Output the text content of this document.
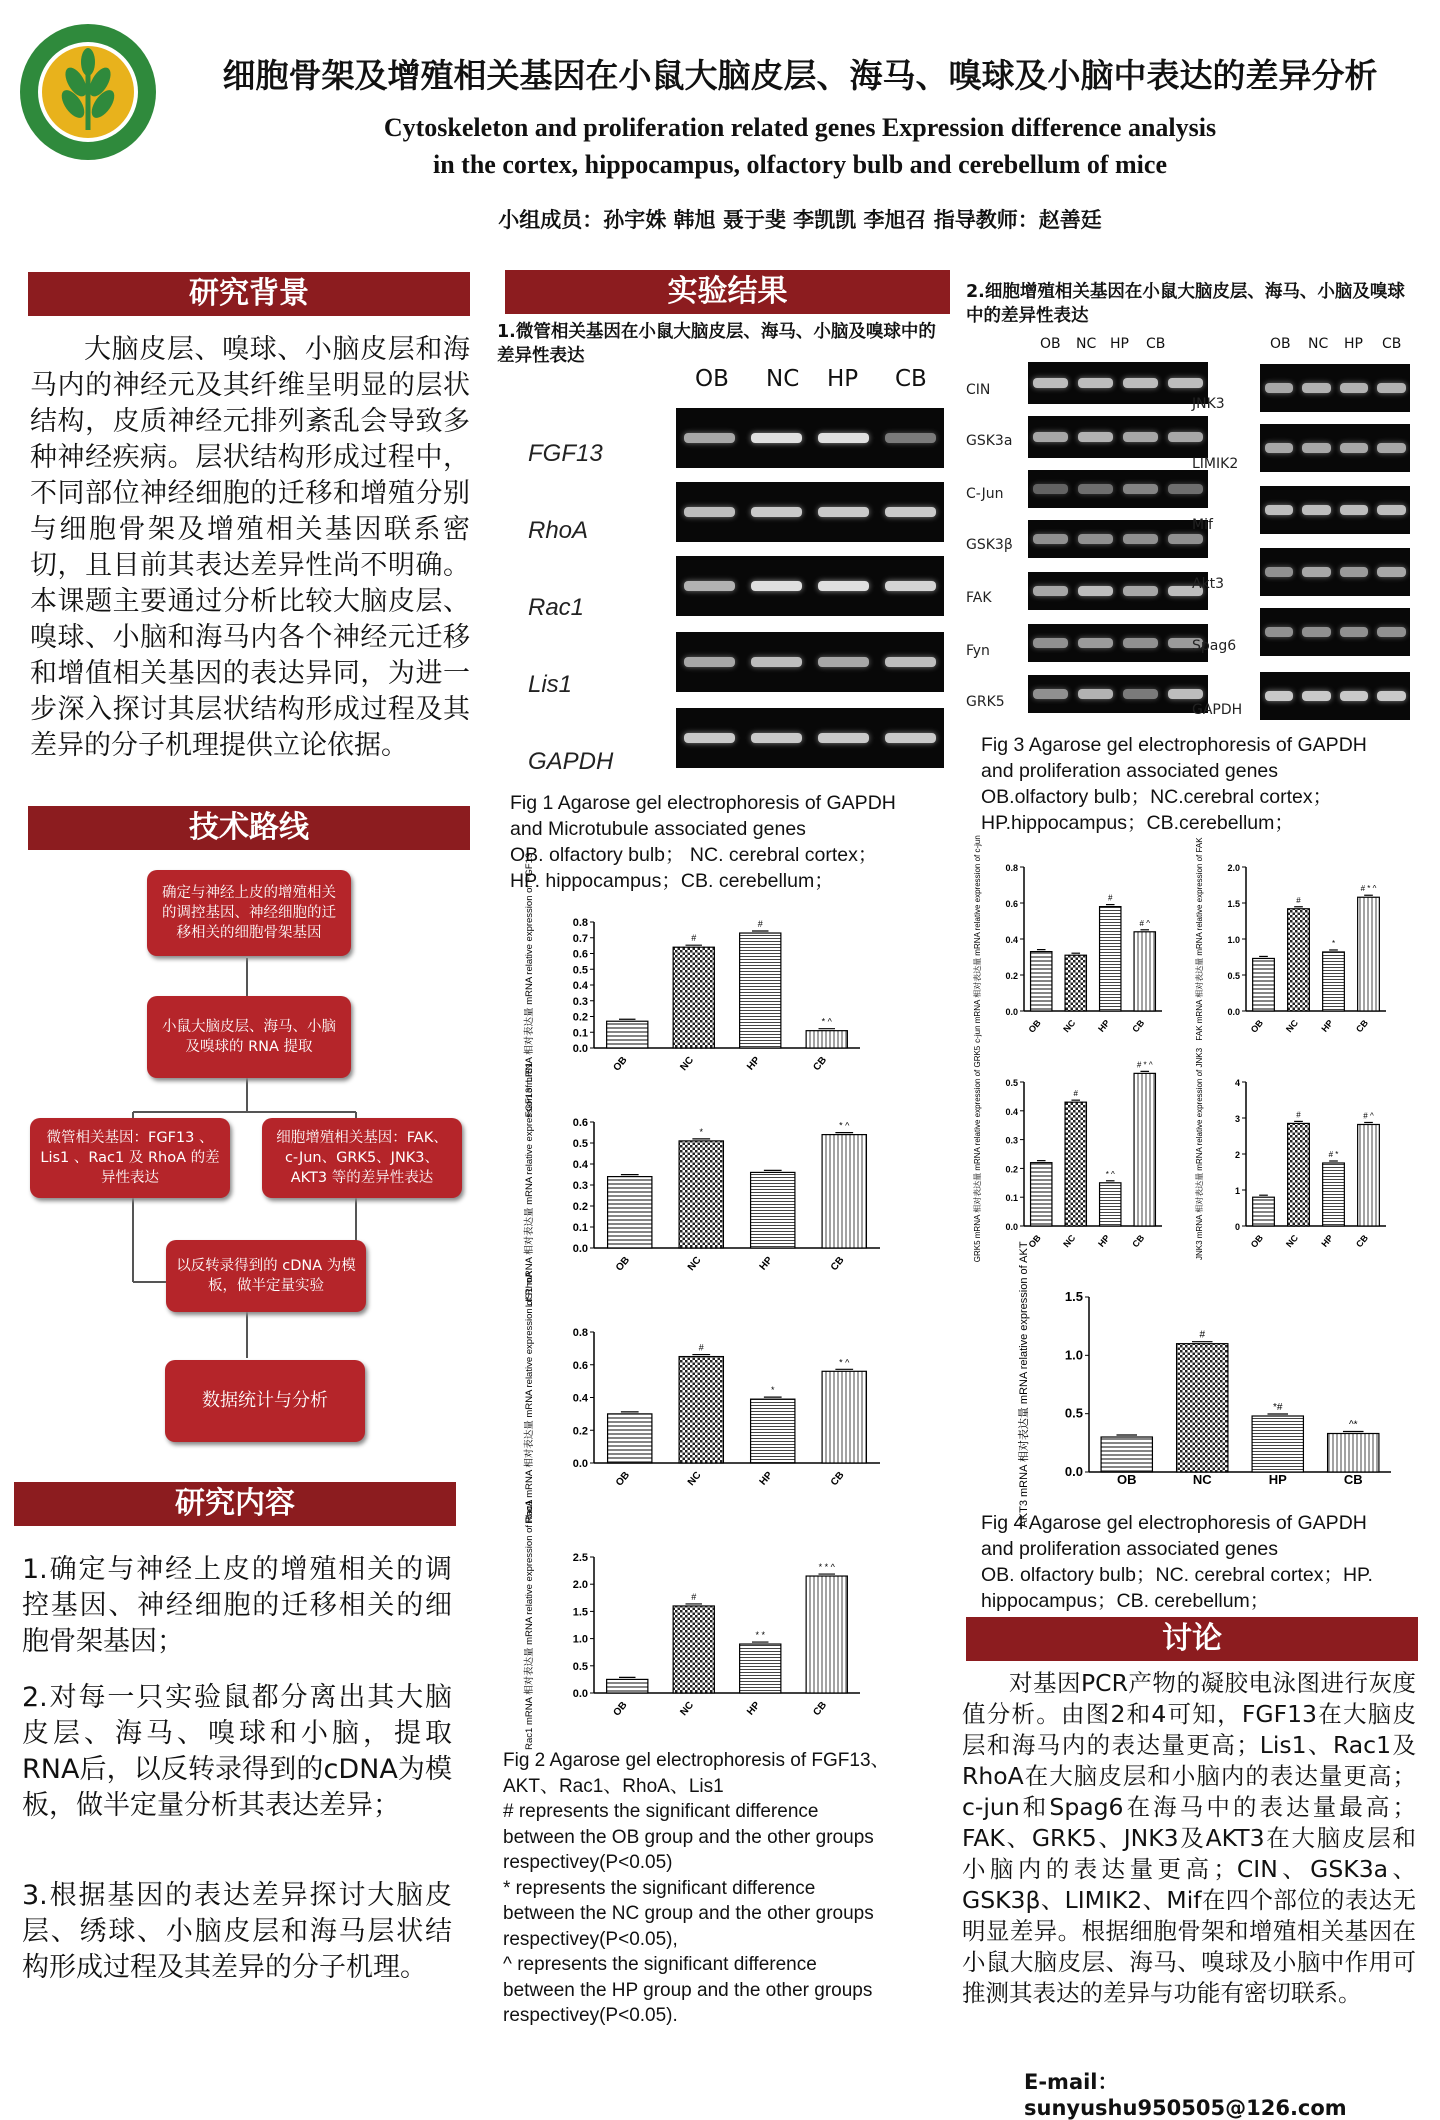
细胞骨架及增殖相关基因在小鼠大脑皮层、海马、嗅球及小脑中表达的差异分析
Cytoskeleton and proliferation related genes Expression difference analysis
in the cortex, hippocampus, olfactory bulb and cerebellum of mice
小组成员：孙宇姝 韩旭 聂于斐 李凯凯 李旭召 指导教师：赵善廷
研究背景
大脑皮层、嗅球、小脑皮层和海马内的神经元及其纤维呈明显的层状结构，皮质神经元排列紊乱会导致多种神经疾病。层状结构形成过程中，不同部位神经细胞的迁移和增殖分别与细胞骨架及增殖相关基因联系密切，且目前其表达差异性尚不明确。本课题主要通过分析比较大脑皮层、嗅球、小脑和海马内各个神经元迁移和增值相关基因的表达异同，为进一步深入探讨其层状结构形成过程及其差异的分子机理提供立论依据。
技术路线
确定与神经上皮的增殖相关的调控基因、神经细胞的迁移相关的细胞骨架基因
小鼠大脑皮层、海马、小脑及嗅球的 RNA 提取
微管相关基因：FGF13 、Lis1 、Rac1 及 RhoA 的差异性表达
细胞增殖相关基因：FAK、c-Jun、GRK5、JNK3、AKT3 等的差异性表达
以反转录得到的 cDNA 为模板，做半定量实验
数据统计与分析
研究内容
1.确定与神经上皮的增殖相关的调控基因、神经细胞的迁移相关的细胞骨架基因；
2.对每一只实验鼠都分离出其大脑皮层、海马、嗅球和小脑，提取RNA后，以反转录得到的cDNA为模板，做半定量分析其表达差异；
3.根据基因的表达差异探讨大脑皮层、绣球、小脑皮层和海马层状结构形成过程及其差异的分子机理。
实验结果
1.微管相关基因在小鼠大脑皮层、海马、小脑及嗅球中的差异性表达
OB NC HP CB
FGF13
RhoA
Rac1
Lis1
GAPDH
Fig 1 Agarose gel electrophoresis of GAPDH
and Microtubule associated genes
OB. olfactory bulb； NC. cerebral cortex；
HP. hippocampus；CB. cerebellum；
FGF13 mRNA 相对表达量 mRNA relative expression of FGF13	0.0
0.1
0.2
0.3
0.4
0.5
0.6
0.7
0.8
OB
#
NC
#
HP
* ^
CB
LIS1 mRNA 相对表达量 mRNA relative expression of LIS1	0.0
0.1
0.2
0.3
0.4
0.5
0.6
OB
*
NC	HP
* ^
CB
RhoA mRNA 相对表达量 mRNA relative expression of RhoA	0.0
0.2
0.4
0.6
0.8
OB
#
NC
*
HP
* ^
CB
Rac1 mRNA 相对表达量 mRNA relative expression of Rac1	0.0
0.5
1.0
1.5
2.0
2.5
OB
#
NC
* *
HP
* * ^
CB
Fig 2 Agarose gel electrophoresis of FGF13、
AKT、Rac1、RhoA、Lis1
# represents the significant difference
between the OB group and the other groups
respectivey(P<0.05)
* represents the significant difference
between the NC group and the other groups
respectivey(P<0.05),
^ represents the significant difference
between the HP group and the other groups
respectivey(P<0.05).
2.细胞增殖相关基因在小鼠大脑皮层、海马、小脑及嗅球中的差异性表达
OB NC HP CB	OB NC HP CB
CIN
GSK3a
C-Jun
GSK3β
FAK
Fyn
GRK5
JNK3
LIMIK2
Mif
Akt3
Spag6
GAPDH
Fig 3 Agarose gel electrophoresis of GAPDH
and proliferation associated genes
OB.olfactory bulb；NC.cerebral cortex；
HP.hippocampus；CB.cerebellum；
c-jun mRNA 相对表达量 mRNA relative expression of c-jun	0.0
0.2
0.4
0.6
0.8
OB NC
#
HP
# ^
CB	FAK mRNA 相对表达量 mRNA relative expression of FAK	0.0
0.5
1.0
1.5
2.0
OB
#
NC
*
HP
# * ^
CB
GRK5 mRNA 相对表达量 mRNA relative expression of GRK5	0.0
0.1
0.2
0.3
0.4
0.5
OB
#
NC
* ^
HP
# * ^
CB	JNK3 mRNA 相对表达量 mRNA relative expression of JNK3	0
1
2
3
4
OB
#
NC
# *
HP
# ^
CB
AKT3 mRNA 相对表达量 mRNA relative expression of AKT	0.0
0.5
1.0
1.5
OB
#
NC
*#
HP
^*
CB
Fig 4 Agarose gel electrophoresis of GAPDH
and proliferation associated genes
OB. olfactory bulb；NC. cerebral cortex；HP.
hippocampus；CB. cerebellum；
讨论
对基因PCR产物的凝胶电泳图进行灰度值分析。由图2和4可知，FGF13在大脑皮层和海马内的表达量更高；Lis1、Rac1及RhoA在大脑皮层和小脑内的表达量更高；c-jun和Spag6在海马中的表达量最高；FAK、GRK5、JNK3及AKT3在大脑皮层和小脑内的表达量更高；CIN、GSK3a、GSK3β、LIMIK2、Mif在四个部位的表达无明显差异。根据细胞骨架和增殖相关基因在小鼠大脑皮层、海马、嗅球及小脑中作用可推测其表达的差异与功能有密切联系。
E-mail：sunyushu950505@126.com
